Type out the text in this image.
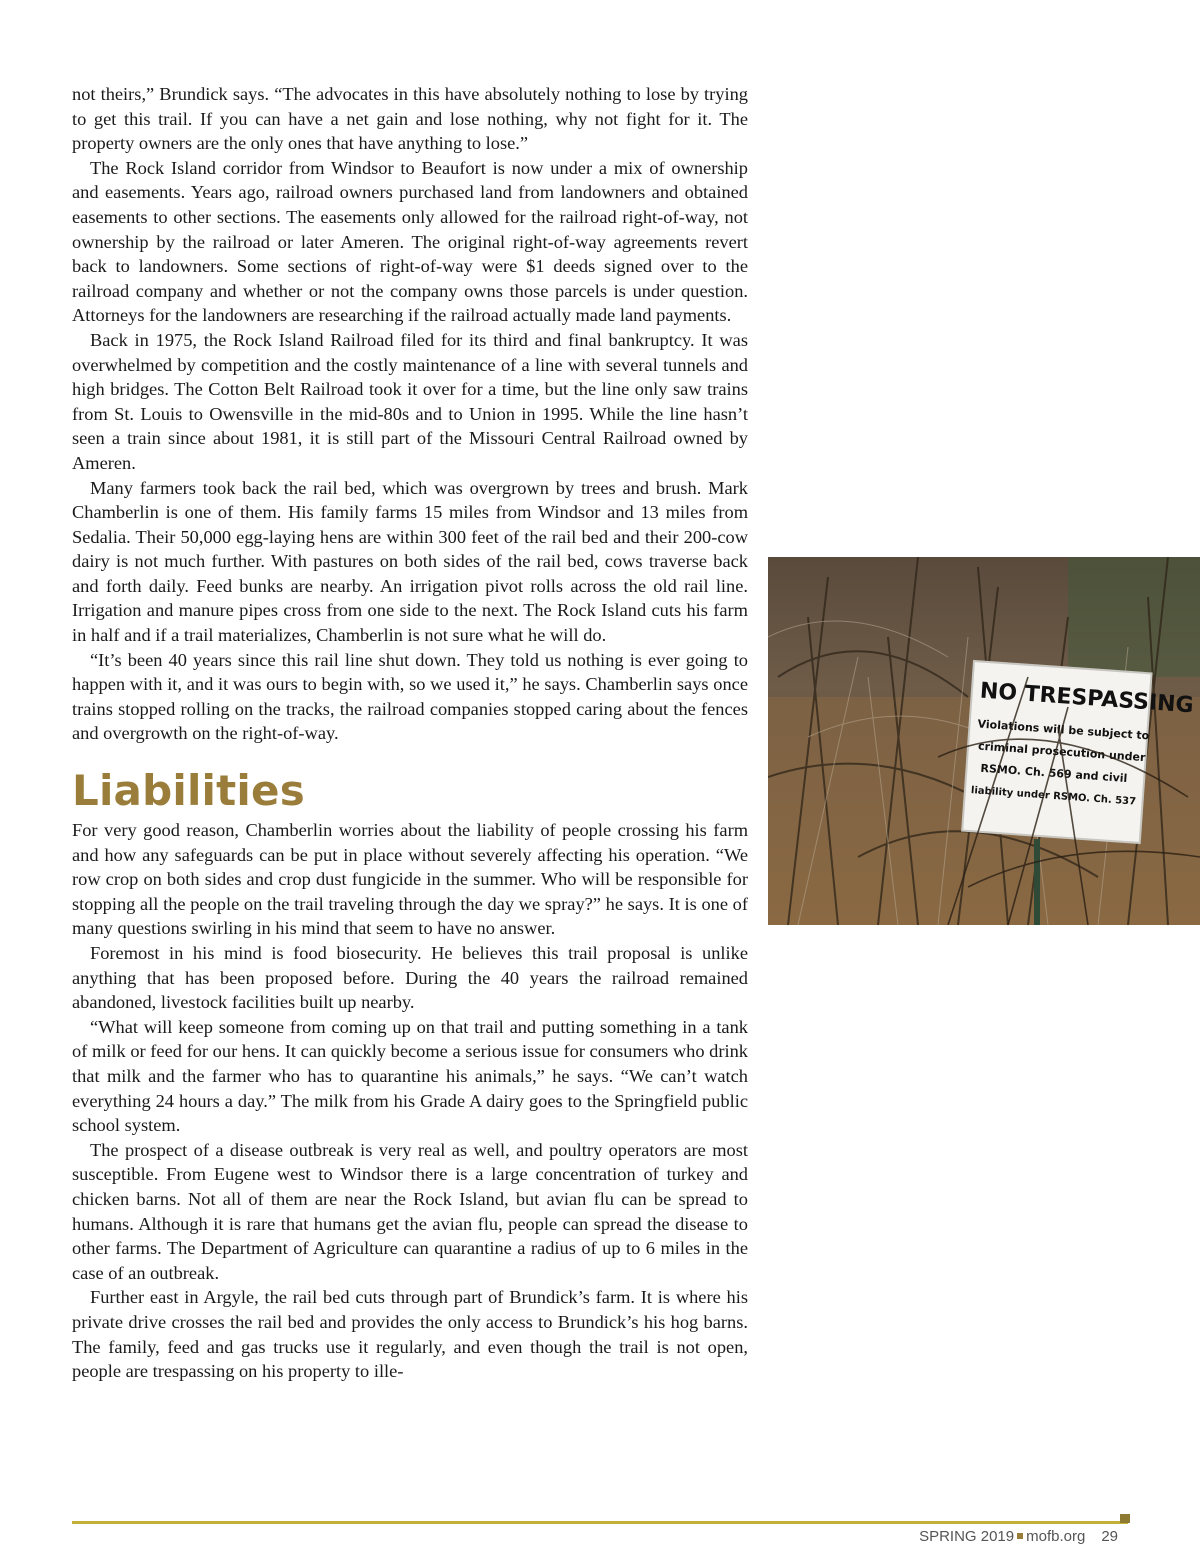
not theirs,” Brundick says. “The advocates in this have absolutely nothing to lose by trying to get this trail. If you can have a net gain and lose nothing, why not fight for it. The property owners are the only ones that have anything to lose.”

The Rock Island corridor from Windsor to Beaufort is now under a mix of ownership and easements. Years ago, railroad owners purchased land from landowners and obtained easements to other sections. The easements only allowed for the railroad right-of-way, not ownership by the railroad or later Ameren. The original right-of-way agreements revert back to landowners. Some sections of right-of-way were $1 deeds signed over to the railroad company and whether or not the company owns those parcels is under question. Attorneys for the landowners are researching if the railroad actually made land payments.

Back in 1975, the Rock Island Railroad filed for its third and final bankruptcy. It was overwhelmed by competition and the costly maintenance of a line with several tunnels and high bridges. The Cotton Belt Railroad took it over for a time, but the line only saw trains from St. Louis to Owensville in the mid-80s and to Union in 1995. While the line hasn’t seen a train since about 1981, it is still part of the Missouri Central Railroad owned by Ameren.

Many farmers took back the rail bed, which was overgrown by trees and brush. Mark Chamberlin is one of them. His family farms 15 miles from Windsor and 13 miles from Sedalia. Their 50,000 egg-laying hens are within 300 feet of the rail bed and their 200-cow dairy is not much further. With pastures on both sides of the rail bed, cows traverse back and forth daily. Feed bunks are nearby. An irrigation pivot rolls across the old rail line. Irrigation and manure pipes cross from one side to the next. The Rock Island cuts his farm in half and if a trail materializes, Chamberlin is not sure what he will do.

“It’s been 40 years since this rail line shut down. They told us nothing is ever going to happen with it, and it was ours to begin with, so we used it,” he says. Chamberlin says once trains stopped rolling on the tracks, the railroad companies stopped caring about the fences and overgrowth on the right-of-way.

Liabilities

For very good reason, Chamberlin worries about the liability of people crossing his farm and how any safeguards can be put in place without severely affecting his operation. “We row crop on both sides and crop dust fungicide in the summer. Who will be responsible for stopping all the people on the trail traveling through the day we spray?” he says. It is one of many questions swirling in his mind that seem to have no answer.

Foremost in his mind is food biosecurity. He believes this trail proposal is unlike anything that has been proposed before. During the 40 years the railroad remained abandoned, livestock facilities built up nearby.

“What will keep someone from coming up on that trail and putting something in a tank of milk or feed for our hens. It can quickly become a serious issue for consumers who drink that milk and the farmer who has to quarantine his animals,” he says. “We can’t watch everything 24 hours a day.” The milk from his Grade A dairy goes to the Springfield public school system.

The prospect of a disease outbreak is very real as well, and poultry operators are most susceptible. From Eugene west to Windsor there is a large concentration of turkey and chicken barns. Not all of them are near the Rock Island, but avian flu can be spread to humans. Although it is rare that humans get the avian flu, people can spread the disease to other farms. The Department of Agriculture can quarantine a radius of up to 6 miles in the case of an outbreak.

Further east in Argyle, the rail bed cuts through part of Brundick’s farm. It is where his private drive crosses the rail bed and provides the only access to Brundick’s his hog barns. The family, feed and gas trucks use it regularly, and even though the trail is not open, people are trespassing on his property to ille-

NO TRESPASSING
Violations will be subject to
criminal prosecution under
RSMO. Ch. 569 and civil
liability under RSMO. Ch. 537
SPRING 2019 mofb.org 29
